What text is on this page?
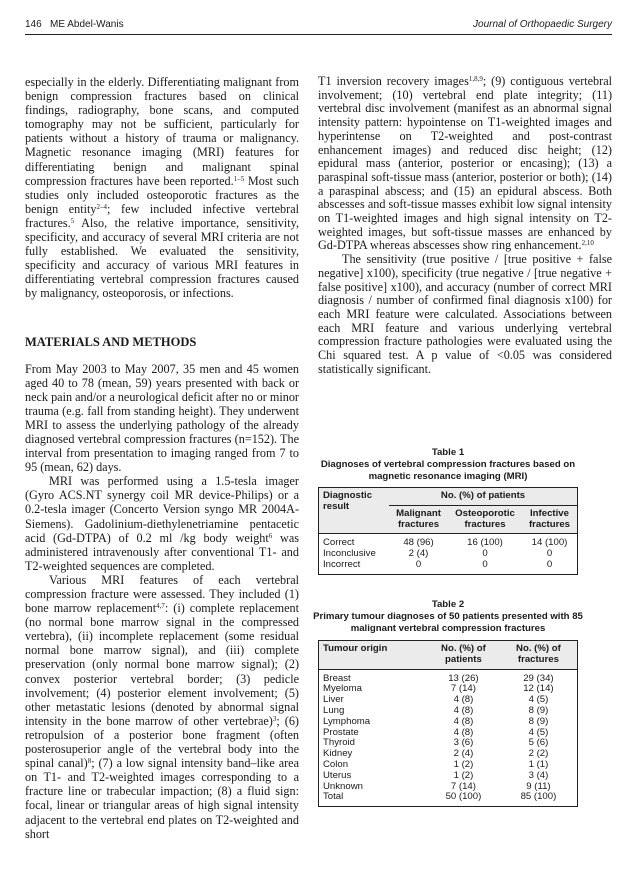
146 ME Abdel-Wanis	Journal of Orthopaedic Surgery

especially in the elderly. Differentiating malignant from benign compression fractures based on clinical findings, radiography, bone scans, and computed tomography may not be sufficient, particularly for patients without a history of trauma or malignancy. Magnetic resonance imaging (MRI) features for differentiating benign and malignant spinal compression fractures have been reported.$^{1-5}$ Most such studies only included osteoporotic fractures as the benign entity$^{2-4}$; few included infective vertebral fractures.$^5$ Also, the relative importance, sensitivity, specificity, and accuracy of several MRI criteria are not fully established. We evaluated the sensitivity, specificity and accuracy of various MRI features in differentiating vertebral compression fractures caused by malignancy, osteoporosis, or infections.

MATERIALS AND METHODS

From May 2003 to May 2007, 35 men and 45 women aged 40 to 78 (mean, 59) years presented with back or neck pain and/or a neurological deficit after no or minor trauma (e.g. fall from standing height). They underwent MRI to assess the underlying pathology of the already diagnosed vertebral compression fractures (n=152). The interval from presentation to imaging ranged from 7 to 95 (mean, 62) days.

MRI was performed using a 1.5-tesla imager (Gyro ACS.NT synergy coil MR device-Philips) or a 0.2-tesla imager (Concerto Version syngo MR 2004A-Siemens). Gadolinium-diethylenetriamine pentacetic acid (Gd-DTPA) of 0.2 ml /kg body weight$^6$ was administered intravenously after conventional T1- and T2-weighted sequences are completed.

Various MRI features of each vertebral compression fracture were assessed. They included (1) bone marrow replacement$^{4,7}$: (i) complete replacement (no normal bone marrow signal in the compressed vertebra), (ii) incomplete replacement (some residual normal bone marrow signal), and (iii) complete preservation (only normal bone marrow signal); (2) convex posterior vertebral border; (3) pedicle involvement; (4) posterior element involvement; (5) other metastatic lesions (denoted by abnormal signal intensity in the bone marrow of other vertebrae)$^3$; (6) retropulsion of a posterior bone fragment (often posterosuperior angle of the vertebral body into the spinal canal)$^8$; (7) a low signal intensity band–like area on T1- and T2-weighted images corresponding to a fracture line or trabecular impaction; (8) a fluid sign: focal, linear or triangular areas of high signal intensity adjacent to the vertebral end plates on T2-weighted and short

T1 inversion recovery images$^{1,8,9}$; (9) contiguous vertebral involvement; (10) vertebral end plate integrity; (11) vertebral disc involvement (manifest as an abnormal signal intensity pattern: hypointense on T1-weighted images and hyperintense on T2-weighted and post-contrast enhancement images) and reduced disc height; (12) epidural mass (anterior, posterior or encasing); (13) a paraspinal soft-tissue mass (anterior, posterior or both); (14) a paraspinal abscess; and (15) an epidural abscess. Both abscesses and soft-tissue masses exhibit low signal intensity on T1-weighted images and high signal intensity on T2-weighted images, but soft-tissue masses are enhanced by Gd-DTPA whereas abscesses show ring enhancement.$^{2,10}$

The sensitivity (true positive / [true positive + false negative] x100), specificity (true negative / [true negative + false positive] x100), and accuracy (number of correct MRI diagnosis / number of confirmed final diagnosis x100) for each MRI feature were calculated. Associations between each MRI feature and various underlying vertebral compression fracture pathologies were evaluated using the Chi squared test. A p value of <0.05 was considered statistically significant.

Table 1
Diagnoses of vertebral compression fractures based on magnetic resonance imaging (MRI)
Diagnostic result	No. (%) of patients		
	Malignant fractures	Osteoporotic fractures	Infective fractures
Correct	48 (96)	16 (100)	14 (100)
Inconclusive	2 (4)	0	0
Incorrect	0	0	0
Table 2
Primary tumour diagnoses of 50 patients presented with 85 malignant vertebral compression fractures
Tumour origin	No. (%) of patients	No. (%) of fractures
Breast	13 (26)	29 (34)
Myeloma	7 (14)	12 (14)
Liver	4 (8)	4 (5)
Lung	4 (8)	8 (9)
Lymphoma	4 (8)	8 (9)
Prostate	4 (8)	4 (5)
Thyroid	3 (6)	5 (6)
Kidney	2 (4)	2 (2)
Colon	1 (2)	1 (1)
Uterus	1 (2)	3 (4)
Unknown	7 (14)	9 (11)
Total	50 (100)	85 (100)
